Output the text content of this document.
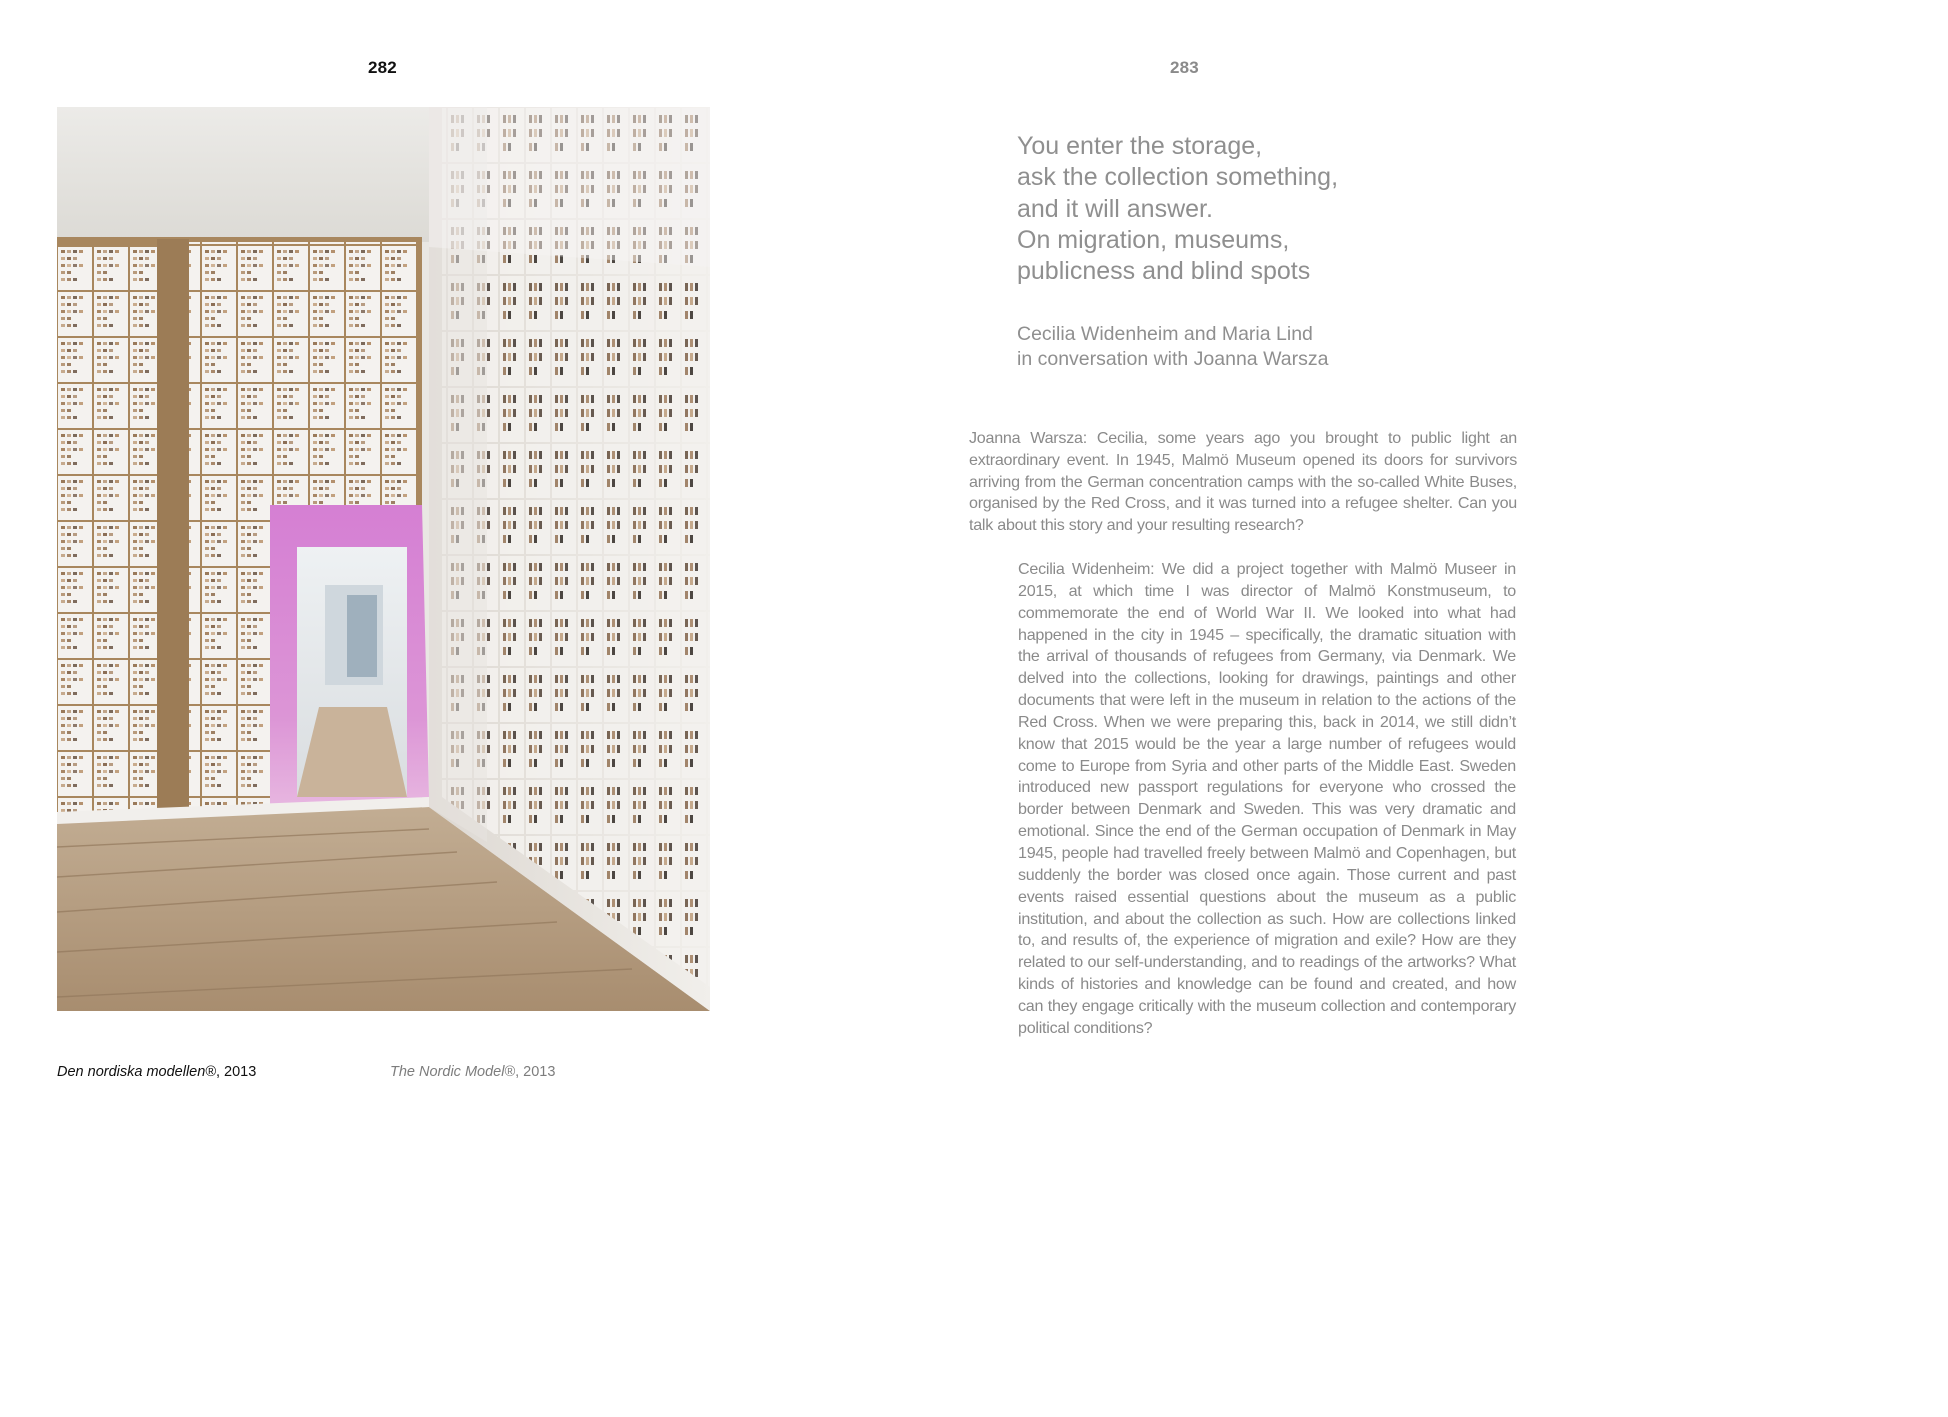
282	283
Den nordiska modellen®, 2013	The Nordic Model®, 2013
You enter the storage,
ask the collection something,
and it will answer.
On migration, museums,
publicness and blind spots
Cecilia Widenheim and Maria Lind
in conversation with Joanna Warsza

Joanna Warsza: Cecilia, some years ago you brought to public light an extraordinary event. In 1945, Malmö Museum opened its doors for survivors arriving from the German concentration camps with the so-called White Buses, organised by the Red Cross, and it was turned into a refugee shelter. Can you talk about this story and your resulting research?

Cecilia Widenheim: We did a project together with Malmö Museer in 2015, at which time I was director of Malmö Konstmuseum, to commemorate the end of World War II. We looked into what had happened in the city in 1945 – specifically, the dramatic situation with the arrival of thousands of refugees from Germany, via Denmark. We delved into the collections, looking for drawings, paintings and other documents that were left in the museum in relation to the actions of the Red Cross. When we were preparing this, back in 2014, we still didn’t know that 2015 would be the year a large number of refugees would come to Europe from Syria and other parts of the Middle East. Sweden introduced new passport regulations for everyone who crossed the border between Denmark and Sweden. This was very dramatic and emotional. Since the end of the German occupation of Denmark in May 1945, people had travelled freely between Malmö and Copenhagen, but suddenly the border was closed once again. Those current and past events raised essential questions about the museum as a public institution, and about the collection as such. How are collections linked to, and results of, the experience of migration and exile? How are they related to our self-understanding, and to readings of the artworks? What kinds of histories and knowledge can be found and created, and how can they engage critically with the museum collection and contemporary political conditions?
